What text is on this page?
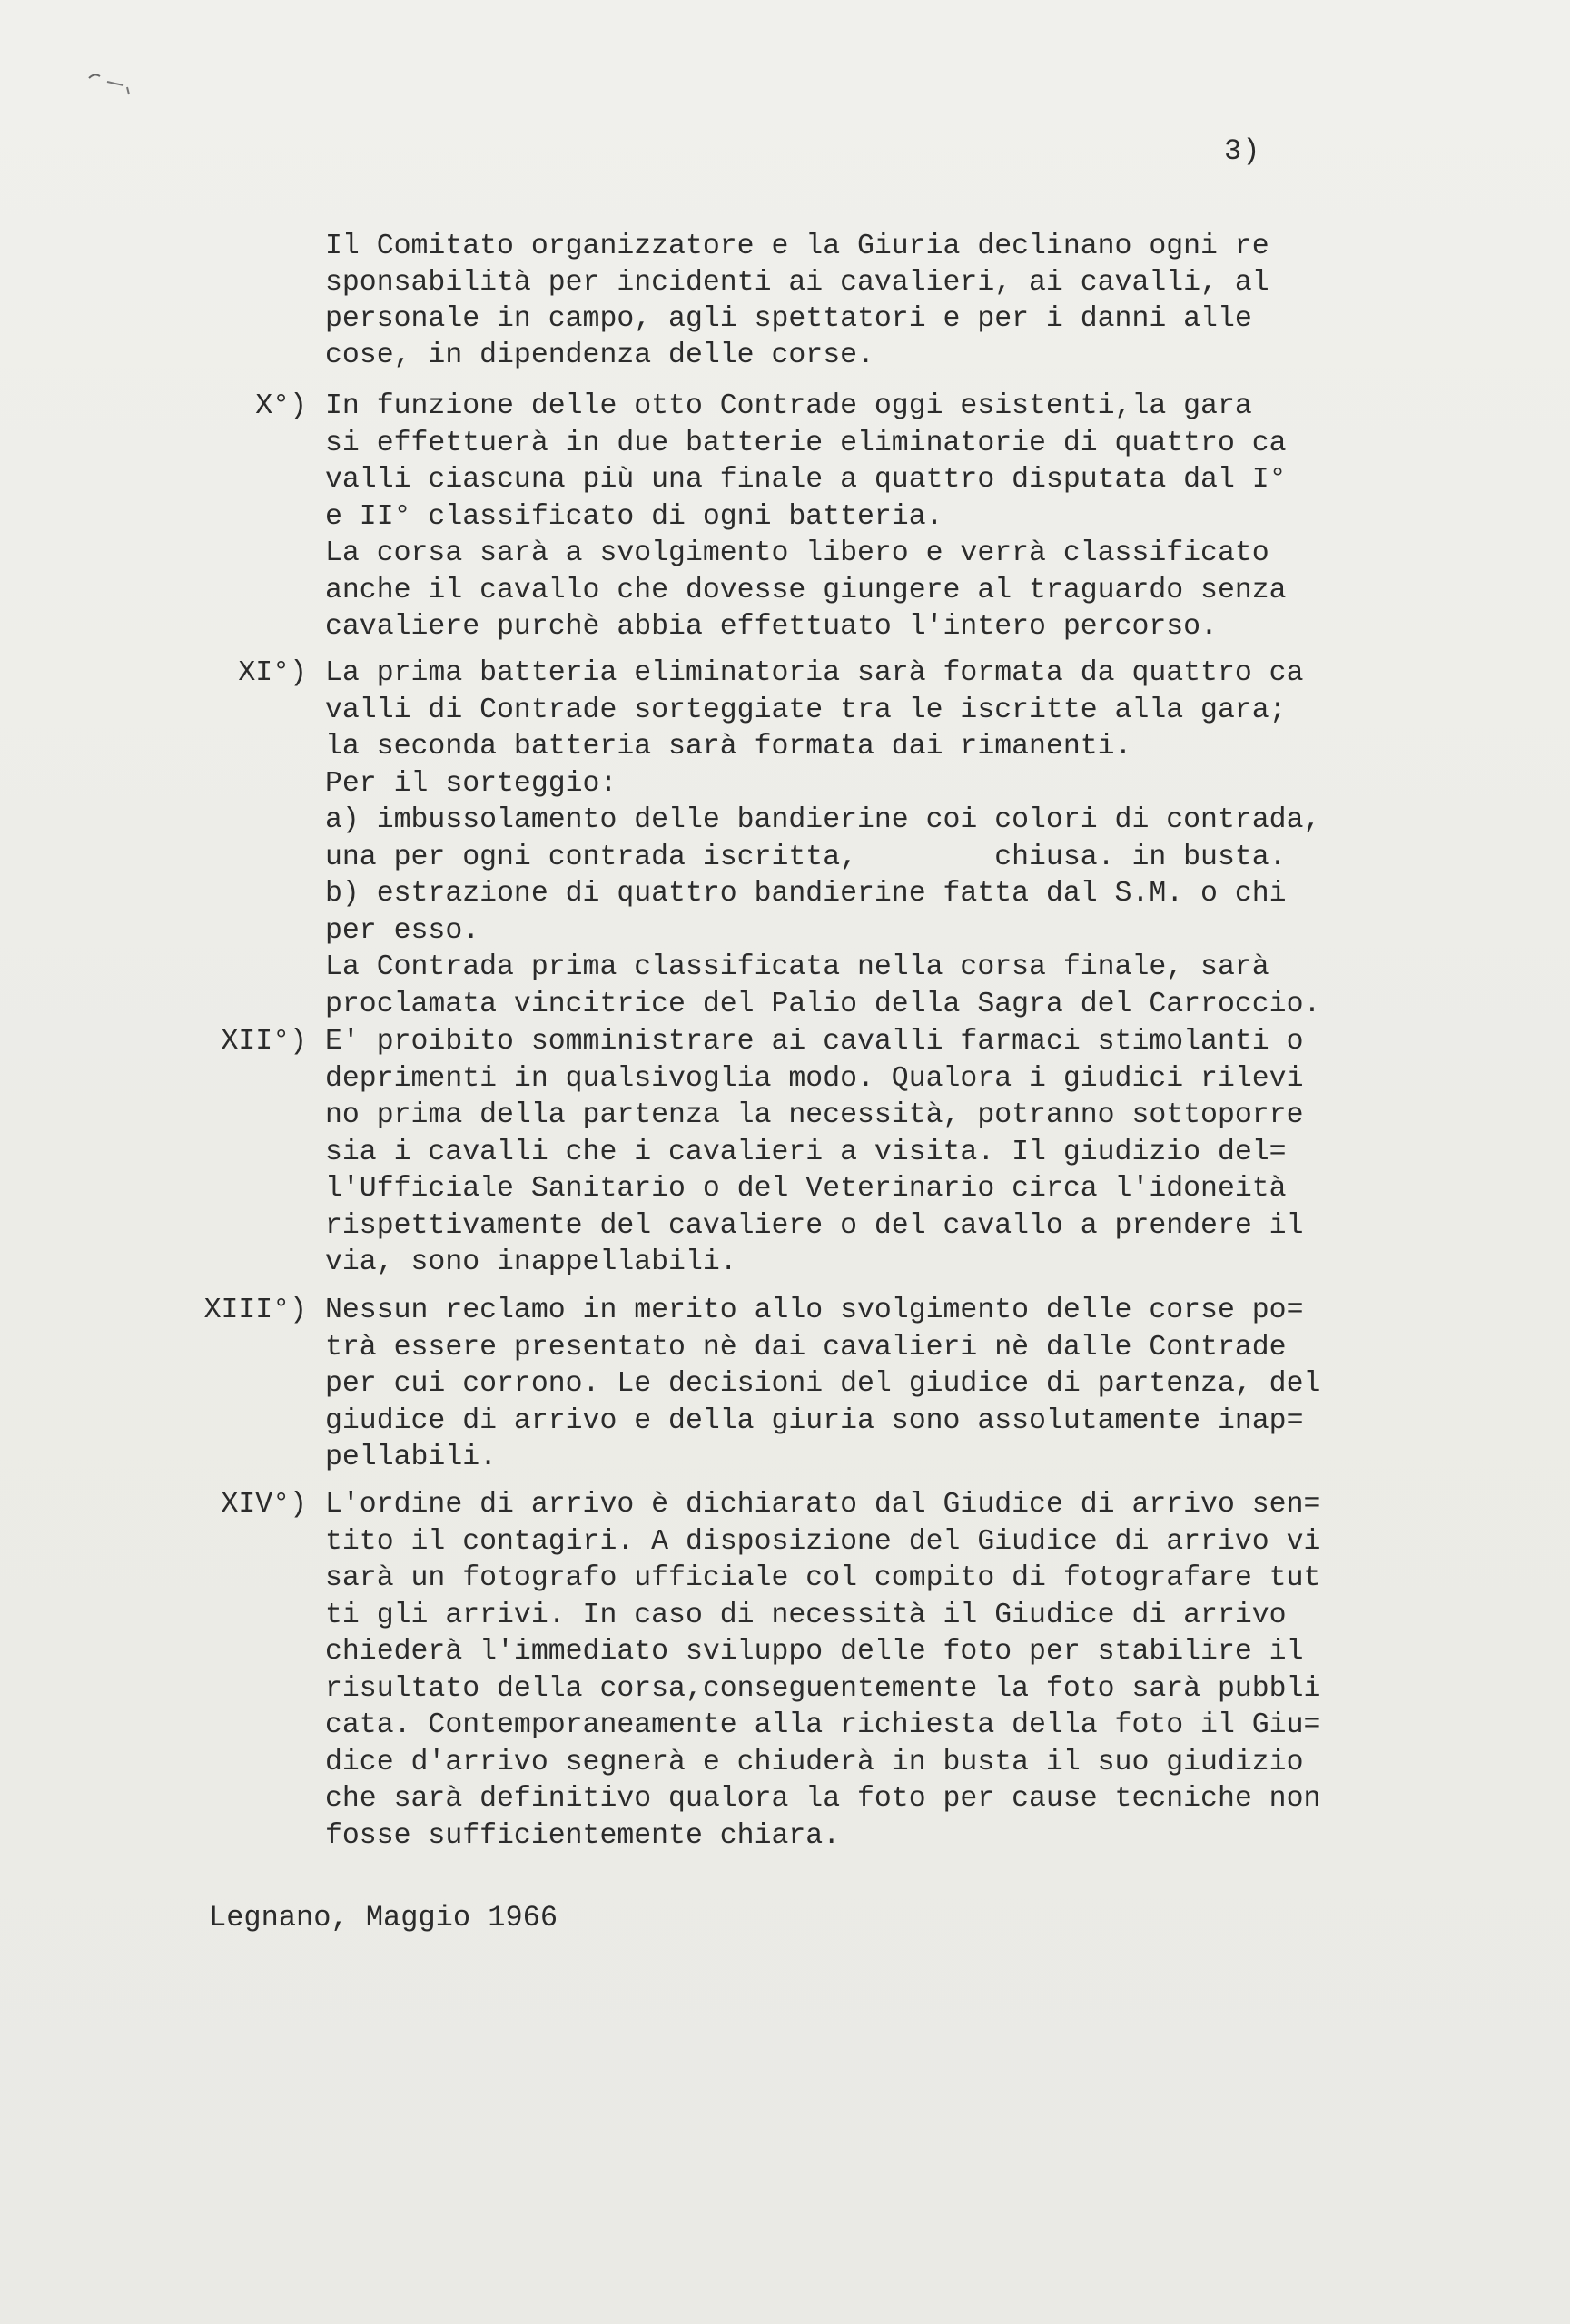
3)
Il Comitato organizzatore e la Giuria declinano ogni re
sponsabilità per incidenti ai cavalieri, ai cavalli, al
personale in campo, agli spettatori e per i danni alle
cose, in dipendenza delle corse.
X°) In funzione delle otto Contrade oggi esistenti,la gara
si effettuerà in due batterie eliminatorie di quattro ca
valli ciascuna più una finale a quattro disputata dal I°
e II° classificato di ogni batteria.
La corsa sarà a svolgimento libero e verrà classificato
anche il cavallo che dovesse giungere al traguardo senza
cavaliere purchè abbia effettuato l'intero percorso.
XI°) La prima batteria eliminatoria sarà formata da quattro ca
valli di Contrade sorteggiate tra le iscritte alla gara;
la seconda batteria sarà formata dai rimanenti.
Per il sorteggio:
a) imbussolamento delle bandierine coi colori di contrada,
una per ogni contrada iscritta,        chiusa. in busta.
b) estrazione di quattro bandierine fatta dal S.M. o chi
per esso.
La Contrada prima classificata nella corsa finale, sarà
proclamata vincitrice del Palio della Sagra del Carroccio.
XII°) E' proibito somministrare ai cavalli farmaci stimolanti o
deprimenti in qualsivoglia modo. Qualora i giudici rilevi
no prima della partenza la necessità, potranno sottoporre
sia i cavalli che i cavalieri a visita. Il giudizio del=
l'Ufficiale Sanitario o del Veterinario circa l'idoneità
rispettivamente del cavaliere o del cavallo a prendere il
via, sono inappellabili.
XIII°) Nessun reclamo in merito allo svolgimento delle corse po=
trà essere presentato nè dai cavalieri nè dalle Contrade
per cui corrono. Le decisioni del giudice di partenza, del
giudice di arrivo e della giuria sono assolutamente inap=
pellabili.
XIV°) L'ordine di arrivo è dichiarato dal Giudice di arrivo sen=
tito il contagiri. A disposizione del Giudice di arrivo vi
sarà un fotografo ufficiale col compito di fotografare tut
ti gli arrivi. In caso di necessità il Giudice di arrivo
chiederà l'immediato sviluppo delle foto per stabilire il
risultato della corsa,conseguentemente la foto sarà pubbli
cata. Contemporaneamente alla richiesta della foto il Giu=
dice d'arrivo segnerà e chiuderà in busta il suo giudizio
che sarà definitivo qualora la foto per cause tecniche non
fosse sufficientemente chiara.
Legnano, Maggio 1966
